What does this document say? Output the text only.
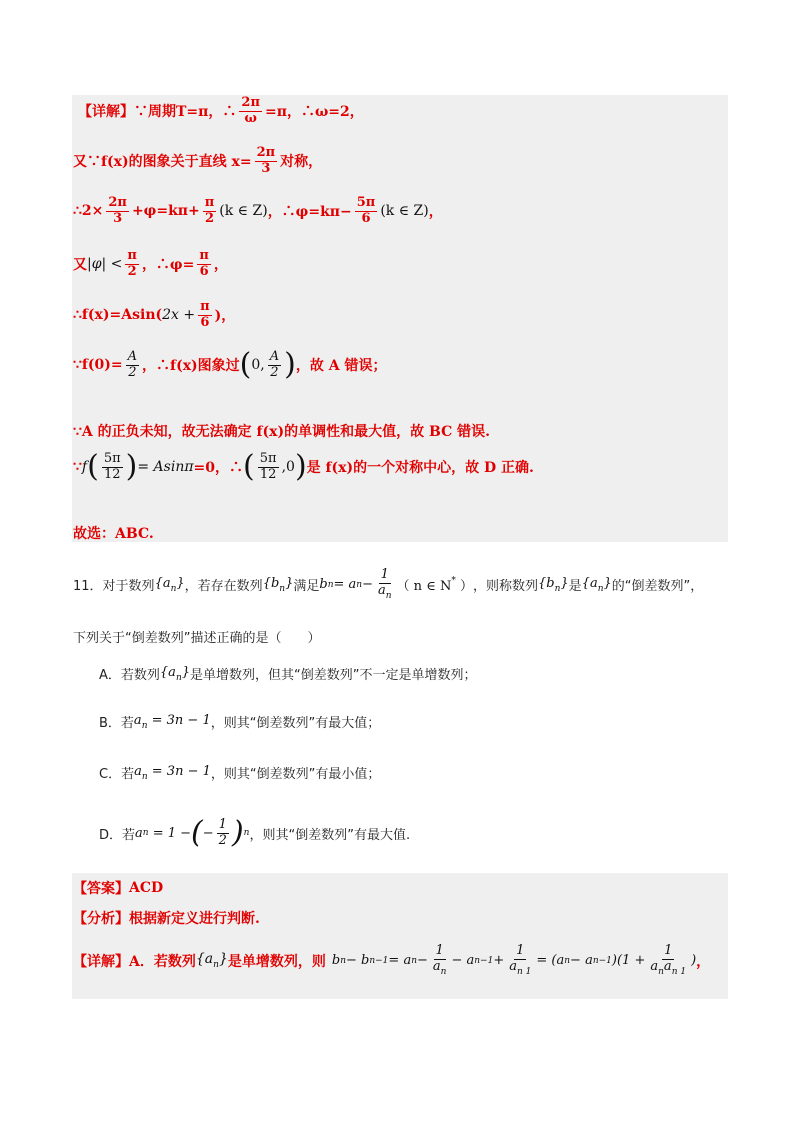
【详解】 ∵周期T=π，∴ $\frac{2\pi}{\omega} =\pi$，∴ω=2，
又∵f(x)的图象关于直线 $x= \frac{2\pi}{3}$ 对称，
∴2× $\frac{2\pi}{3} +\varphi=k\pi+ \frac{\pi}{2} (k$ ∈ Z) ，∴φ=kπ− $\frac{5\pi}{6} (k$ ∈ Z) ，
又 $|\varphi| < \frac{\pi}{2}$ ，∴φ= $\frac{\pi}{6}$ ，
∴f(x)=Asin( $2x + \frac{\pi}{6}$ )，
∵f(0)= $\frac{A}{2}$ ，∴f(x)图象过 ( 0, $\frac{A}{2}$ ) ，故 A 错误；
∵A 的正负未知，故无法确定 f(x)的单调性和最大值，故 BC 错误.
∵ f ( $\frac{5\pi}{12}$ ) = Asinπ =0，∴ ( $\frac{5\pi}{12} ,0$ ) 是 f(x)的一个对称中心，故 D 正确.
故选：ABC.
11． 对于数列 $\{a_n\}$ ，若存在数列 $\{b_n\}$ 满足 b n = a $n - \frac{1}{a_n}$ （ n ∈ N* ） ，则称数列 $\{b_n\}$ 是 $\{a_n\}$ 的“倒差数列”，
下列关于“倒差数列”描述正确的是（　　）
A．若数列 $\{a_n\}$ 是单增数列，但其“倒差数列”不一定是单增数列；
B．若 $a_n = 3n - 1$ ，则其“倒差数列”有最大值；
C．若 $a_n = 3n - 1$ ，则其“倒差数列”有最小值；
D．若 a n
= 1 − ( − $\frac{1}{2}$ ) n ，则其“倒差数列”有最大值.
【答案】 ACD
【分析】 根据新定义进行判断.
【详解】 A．若数列 $\{a_n\}$ 是单增数列，则 b n − b n−1 = a $n - \frac{1}{a_n} - a$ $n-1 + \frac{1}{a_{n 1}} = (a$ n − a n−1 )($1 + \frac{1}{a_na_{n 1}}$ ) ，
